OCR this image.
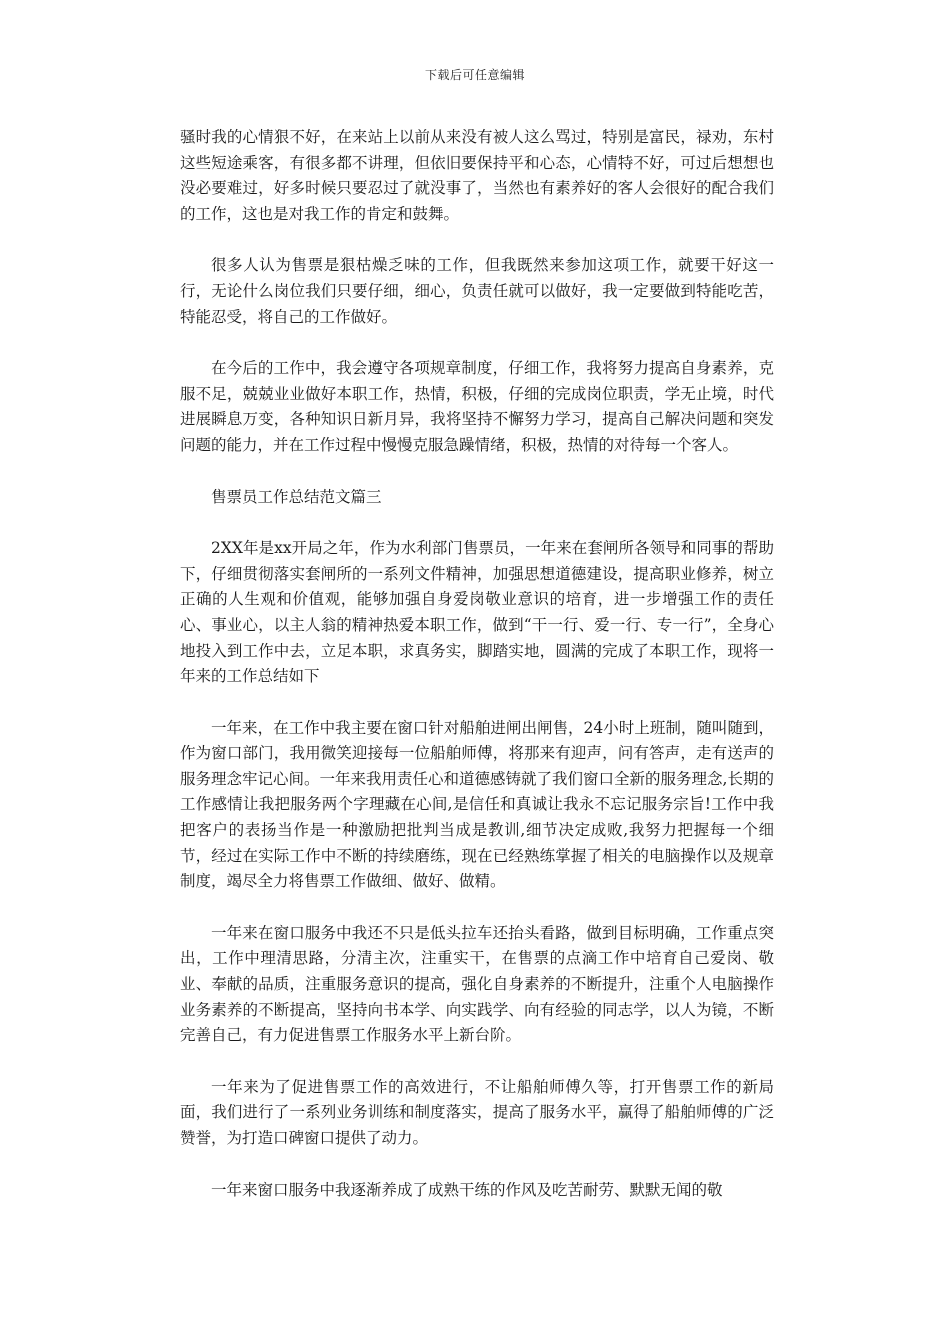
下载后可任意编辑

骚时我的心情狠不好，在来站上以前从来没有被人这么骂过，特别是富民，禄劝，东村这些短途乘客，有很多都不讲理，但依旧要保持平和心态，心情特不好，可过后想想也没必要难过，好多时候只要忍过了就没事了，当然也有素养好的客人会很好的配合我们的工作，这也是对我工作的肯定和鼓舞。

很多人认为售票是狠枯燥乏味的工作，但我既然来参加这项工作，就要干好这一行，无论什么岗位我们只要仔细，细心，负责任就可以做好，我一定要做到特能吃苦，特能忍受，将自己的工作做好。

在今后的工作中，我会遵守各项规章制度，仔细工作，我将努力提高自身素养，克服不足，兢兢业业做好本职工作，热情，积极，仔细的完成岗位职责，学无止境，时代进展瞬息万变，各种知识日新月异，我将坚持不懈努力学习，提高自己解决问题和突发问题的能力，并在工作过程中慢慢克服急躁情绪，积极，热情的对待每一个客人。

售票员工作总结范文篇三

2XX年是xx开局之年，作为水利部门售票员，一年来在套闸所各领导和同事的帮助下，仔细贯彻落实套闸所的一系列文件精神，加强思想道德建设，提高职业修养，树立正确的人生观和价值观，能够加强自身爱岗敬业意识的培育，进一步增强工作的责任心、事业心，以主人翁的精神热爱本职工作，做到“干一行、爱一行、专一行”，全身心地投入到工作中去，立足本职，求真务实，脚踏实地，圆满的完成了本职工作，现将一年来的工作总结如下

一年来，在工作中我主要在窗口针对船舶进闸出闸售，24小时上班制，随叫随到，作为窗口部门，我用微笑迎接每一位船舶师傅，将那来有迎声，问有答声，走有送声的服务理念牢记心间。一年来我用责任心和道德感铸就了我们窗口全新的服务理念,长期的工作感情让我把服务两个字理藏在心间,是信任和真诚让我永不忘记服务宗旨!工作中我把客户的表扬当作是一种激励把批判当成是教训,细节决定成败,我努力把握每一个细节，经过在实际工作中不断的持续磨练，现在已经熟练掌握了相关的电脑操作以及规章制度，竭尽全力将售票工作做细、做好、做精。

一年来在窗口服务中我还不只是低头拉车还抬头看路，做到目标明确，工作重点突出，工作中理清思路，分清主次，注重实干，在售票的点滴工作中培育自己爱岗、敬业、奉献的品质，注重服务意识的提高，强化自身素养的不断提升，注重个人电脑操作业务素养的不断提高，坚持向书本学、向实践学、向有经验的同志学，以人为镜，不断完善自己，有力促进售票工作服务水平上新台阶。

一年来为了促进售票工作的高效进行，不让船舶师傅久等，打开售票工作的新局面，我们进行了一系列业务训练和制度落实，提高了服务水平，赢得了船舶师傅的广泛赞誉，为打造口碑窗口提供了动力。

一年来窗口服务中我逐渐养成了成熟干练的作风及吃苦耐劳、默默无闻的敬
